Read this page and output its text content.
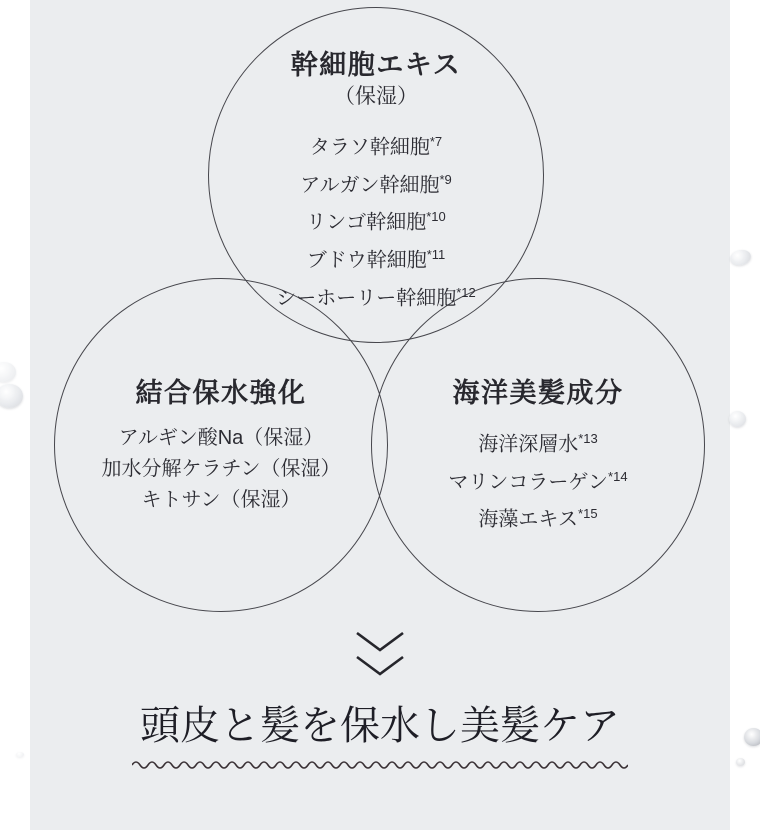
幹細胞エキス
（保湿）
タラソ幹細胞$^{*7}$
アルガン幹細胞$^{*9}$
リンゴ幹細胞$^{*10}$
ブドウ幹細胞$^{*11}$
シーホーリー幹細胞$^{*12}$
結合保水強化
アルギン酸Na（保湿）
加水分解ケラチン（保湿）
キトサン（保湿）
海洋美髪成分
海洋深層水$^{*13}$
マリンコラーゲン$^{*14}$
海藻エキス$^{*15}$
頭皮と髪を保水し美髪ケア
